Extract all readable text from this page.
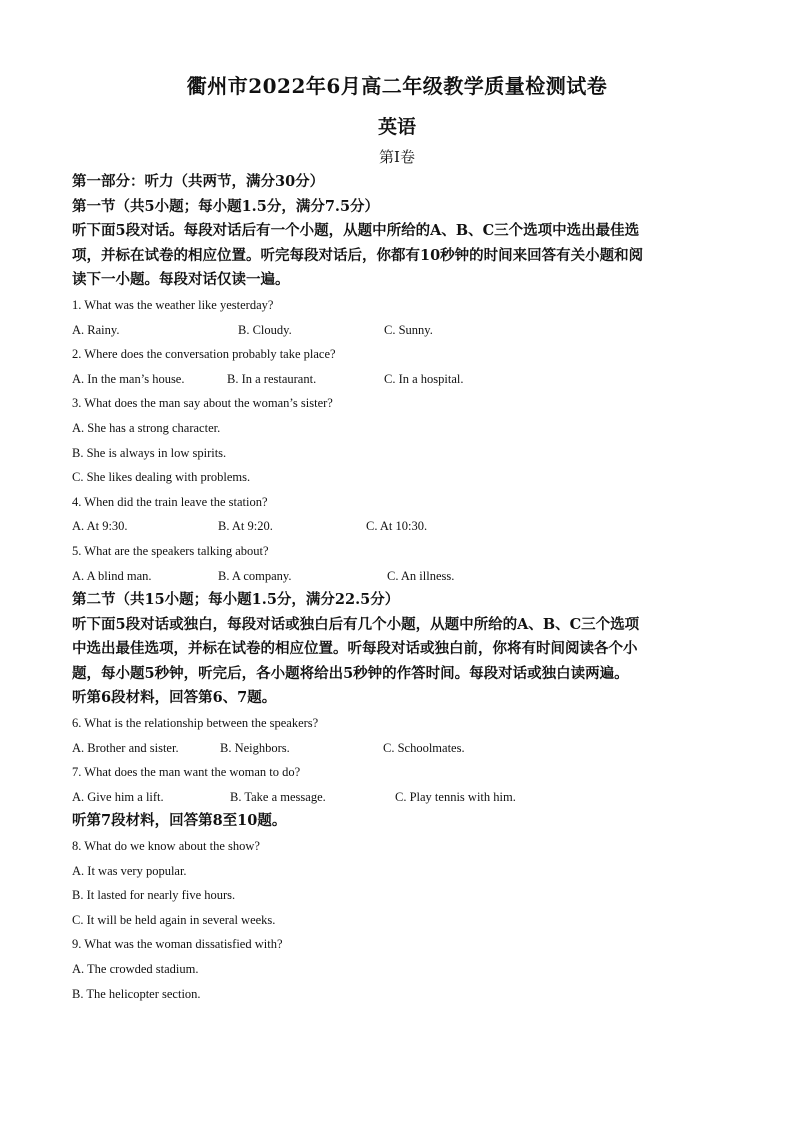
衢州市2022年6月高二年级教学质量检测试卷
英语
第Ⅰ卷

第一部分：听力（共两节，满分30分）

第一节（共5小题；每小题1.5分，满分7.5分）

听下面5段对话。每段对话后有一个小题，从题中所给的A、B、C三个选项中选出最佳选

项，并标在试卷的相应位置。听完每段对话后，你都有10秒钟的时间来回答有关小题和阅

读下一小题。每段对话仅读一遍。

1. What was the weather like yesterday?

A. Rainy.	B. Cloudy.	C. Sunny.

2. Where does the conversation probably take place?

A. In the man’s house.	B. In a restaurant.	C. In a hospital.

3. What does the man say about the woman’s sister?

A. She has a strong character.

B. She is always in low spirits.

C. She likes dealing with problems.

4. When did the train leave the station?

A. At 9:30.	B. At 9:20.	C. At 10:30.

5. What are the speakers talking about?

A. A blind man.	B. A company.	C. An illness.

第二节（共15小题；每小题1.5分，满分22.5分）

听下面5段对话或独白，每段对话或独白后有几个小题，从题中所给的A、B、C三个选项

中选出最佳选项，并标在试卷的相应位置。听每段对话或独白前，你将有时间阅读各个小

题，每小题5秒钟，听完后，各小题将给出5秒钟的作答时间。每段对话或独白读两遍。

听第6段材料，回答第6、7题。

6. What is the relationship between the speakers?

A. Brother and sister.	B. Neighbors.	C. Schoolmates.

7. What does the man want the woman to do?

A. Give him a lift.	B. Take a message.	C. Play tennis with him.

听第7段材料，回答第8至10题。

8. What do we know about the show?

A. It was very popular.

B. It lasted for nearly five hours.

C. It will be held again in several weeks.

9. What was the woman dissatisfied with?

A. The crowded stadium.

B. The helicopter section.
